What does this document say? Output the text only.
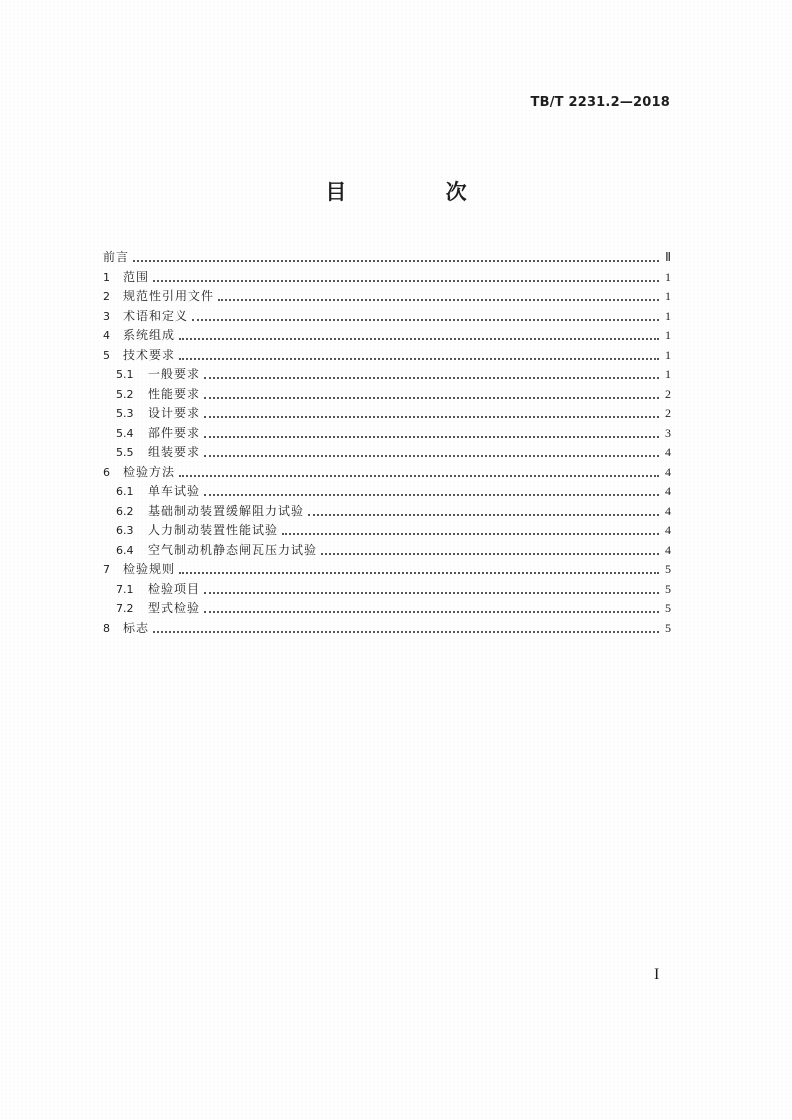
TB/T 2231.2—2018
目 次
前言	Ⅱ
1	范围	1
2	规范性引用文件	1
3	术语和定义	1
4	系统组成	1
5	技术要求	1
5.1	一般要求	1
5.2	性能要求	2
5.3	设计要求	2
5.4	部件要求	3
5.5	组装要求	4
6	检验方法	4
6.1	单车试验	4
6.2	基础制动装置缓解阻力试验	4
6.3	人力制动装置性能试验	4
6.4	空气制动机静态闸瓦压力试验	4
7	检验规则	5
7.1	检验项目	5
7.2	型式检验	5
8	标志	5
I
